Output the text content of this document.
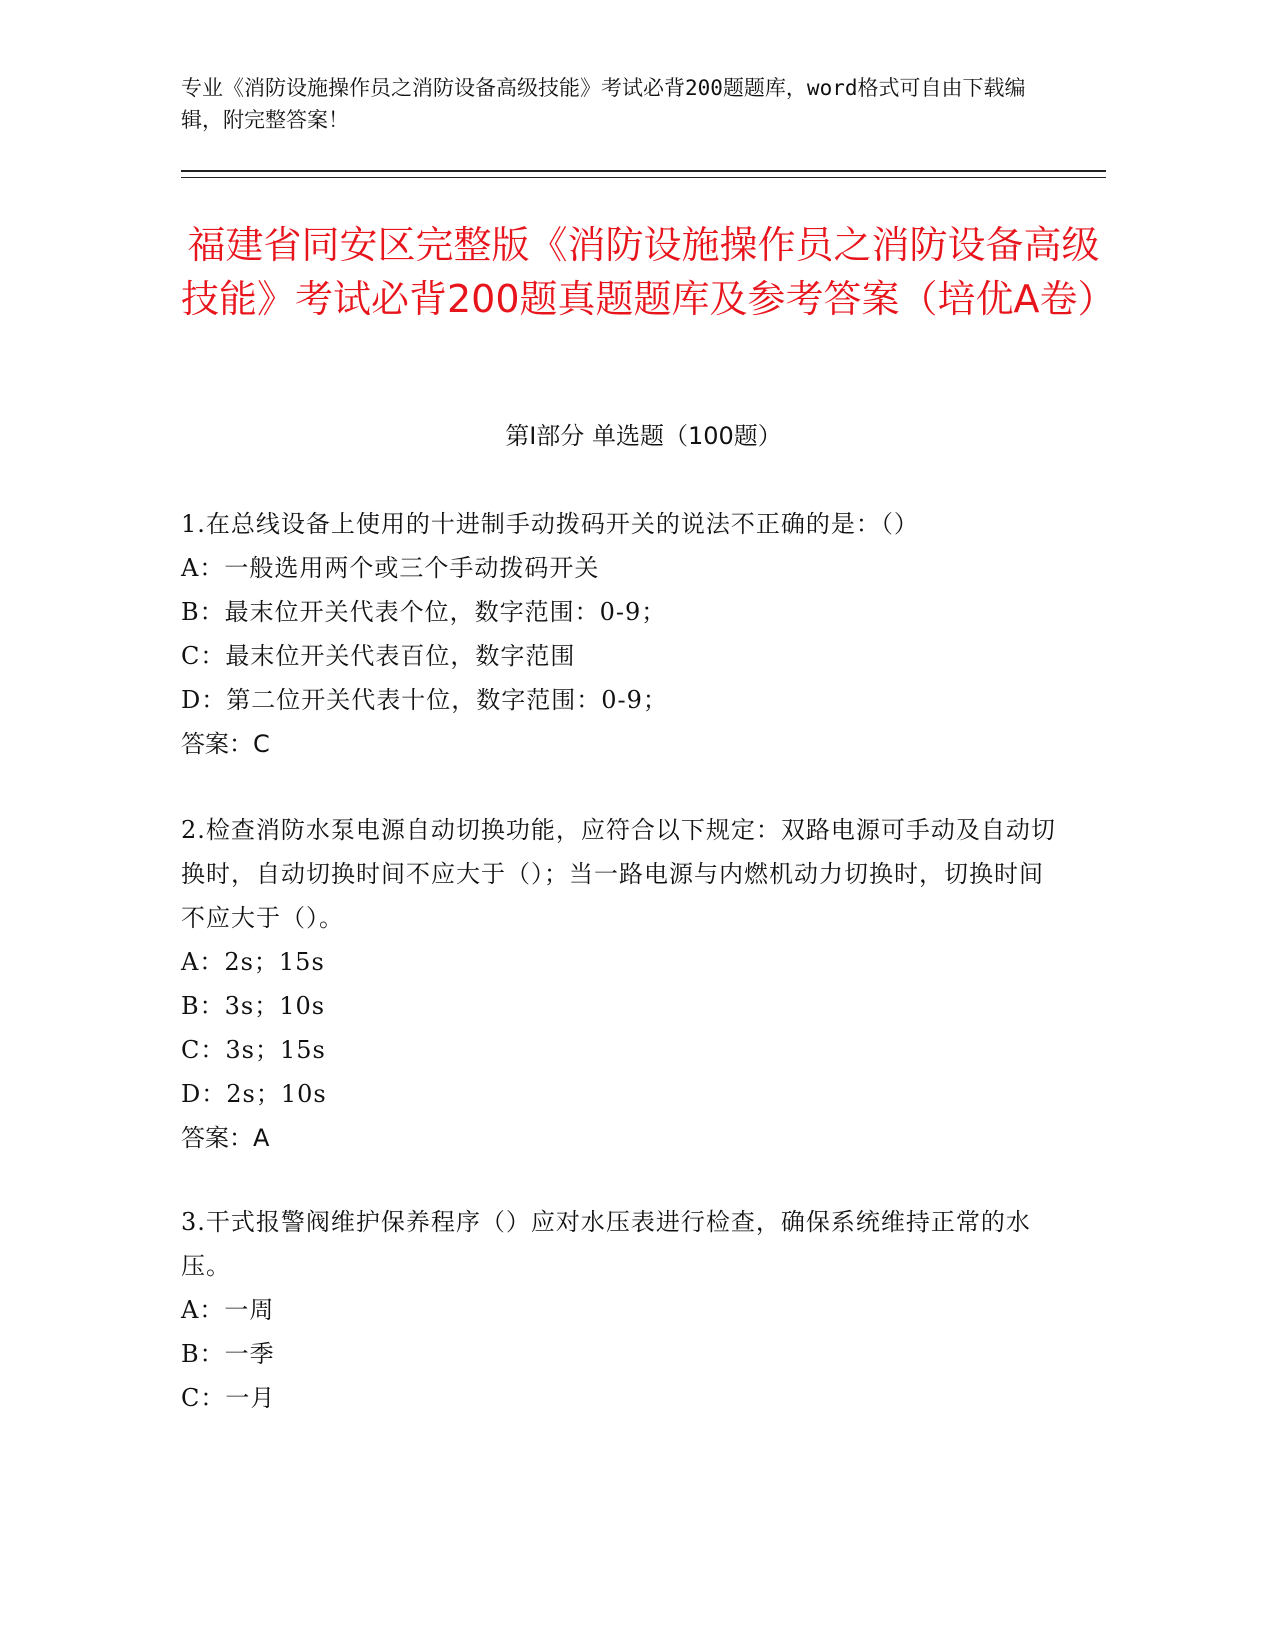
专业《消防设施操作员之消防设备高级技能》考试必背200题题库，word格式可自由下载编辑，附完整答案！
福建省同安区完整版《消防设施操作员之消防设备高级技能》考试必背200题真题题库及参考答案（培优A卷）
第I部分 单选题（100题）
1.在总线设备上使用的十进制手动拨码开关的说法不正确的是：（）
A：一般选用两个或三个手动拨码开关
B：最末位开关代表个位，数字范围：0-9；
C：最末位开关代表百位，数字范围
D：第二位开关代表十位，数字范围：0-9；
答案：C
2.检查消防水泵电源自动切换功能，应符合以下规定：双路电源可手动及自动切换时，自动切换时间不应大于（）；当一路电源与内燃机动力切换时，切换时间不应大于（）。
A：2s；15s
B：3s；10s
C：3s；15s
D：2s；10s
答案：A
3.干式报警阀维护保养程序（）应对水压表进行检查，确保系统维持正常的水压。
A：一周
B：一季
C：一月
